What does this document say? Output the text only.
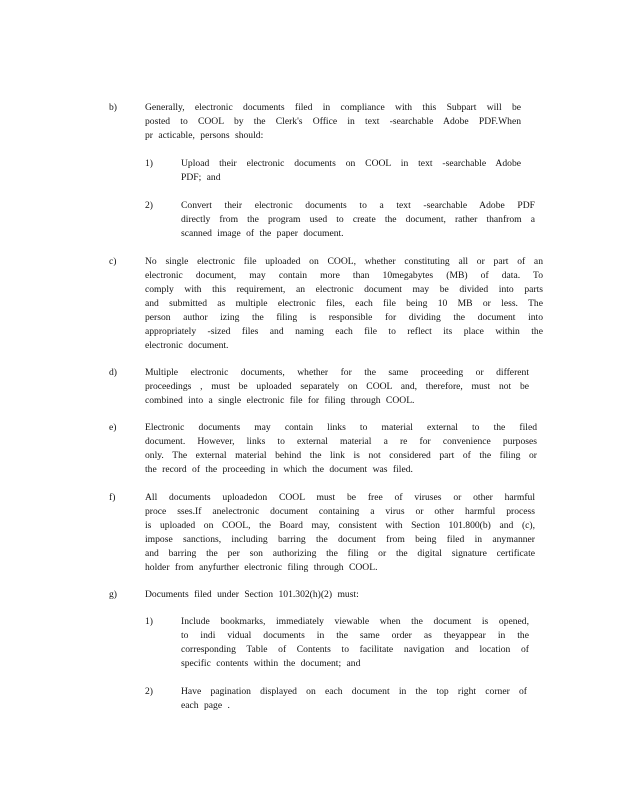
b)	Generally, electronic documents filed in compliance with this Subpart will be
posted to COOL by the Clerk's Office in text -searchable Adobe PDF.When
pr acticable, persons should:
1)	Upload their electronic documents on COOL in text -searchable Adobe
PDF; and
2)	Convert their electronic documents to a text -searchable Adobe PDF
directly from the program used to create the document, rather thanfrom a
scanned image of the paper document.
c)	No single electronic file uploaded on COOL, whether constituting all or part of an
electronic document, may contain more than 10megabytes (MB) of data. To
comply with this requirement, an electronic document may be divided into parts
and submitted as multiple electronic files, each file being 10 MB or less. The
person author izing the filing is responsible for dividing the document into
appropriately -sized files and naming each file to reflect its place within the
electronic document.
d)	Multiple electronic documents, whether for the same proceeding or different
proceedings , must be uploaded separately on COOL and, therefore, must not be
combined into a single electronic file for filing through COOL.
e)	Electronic documents may contain links to material external to the filed
document. However, links to external material a re for convenience purposes
only. The external material behind the link is not considered part of the filing or
the record of the proceeding in which the document was filed.
f)	All documents uploadedon COOL must be free of viruses or other harmful
proce sses.If anelectronic document containing a virus or other harmful process
is uploaded on COOL, the Board may, consistent with Section 101.800(b) and (c),
impose sanctions, including barring the document from being filed in anymanner
and barring the per son authorizing the filing or the digital signature certificate
holder from anyfurther electronic filing through COOL.
g)	Documents filed under Section 101.302(h)(2) must:
1)	Include bookmarks, immediately viewable when the document is opened,
to indi vidual documents in the same order as theyappear in the
corresponding Table of Contents to facilitate navigation and location of
specific contents within the document; and
2)	Have pagination displayed on each document in the top right corner of
each page .
